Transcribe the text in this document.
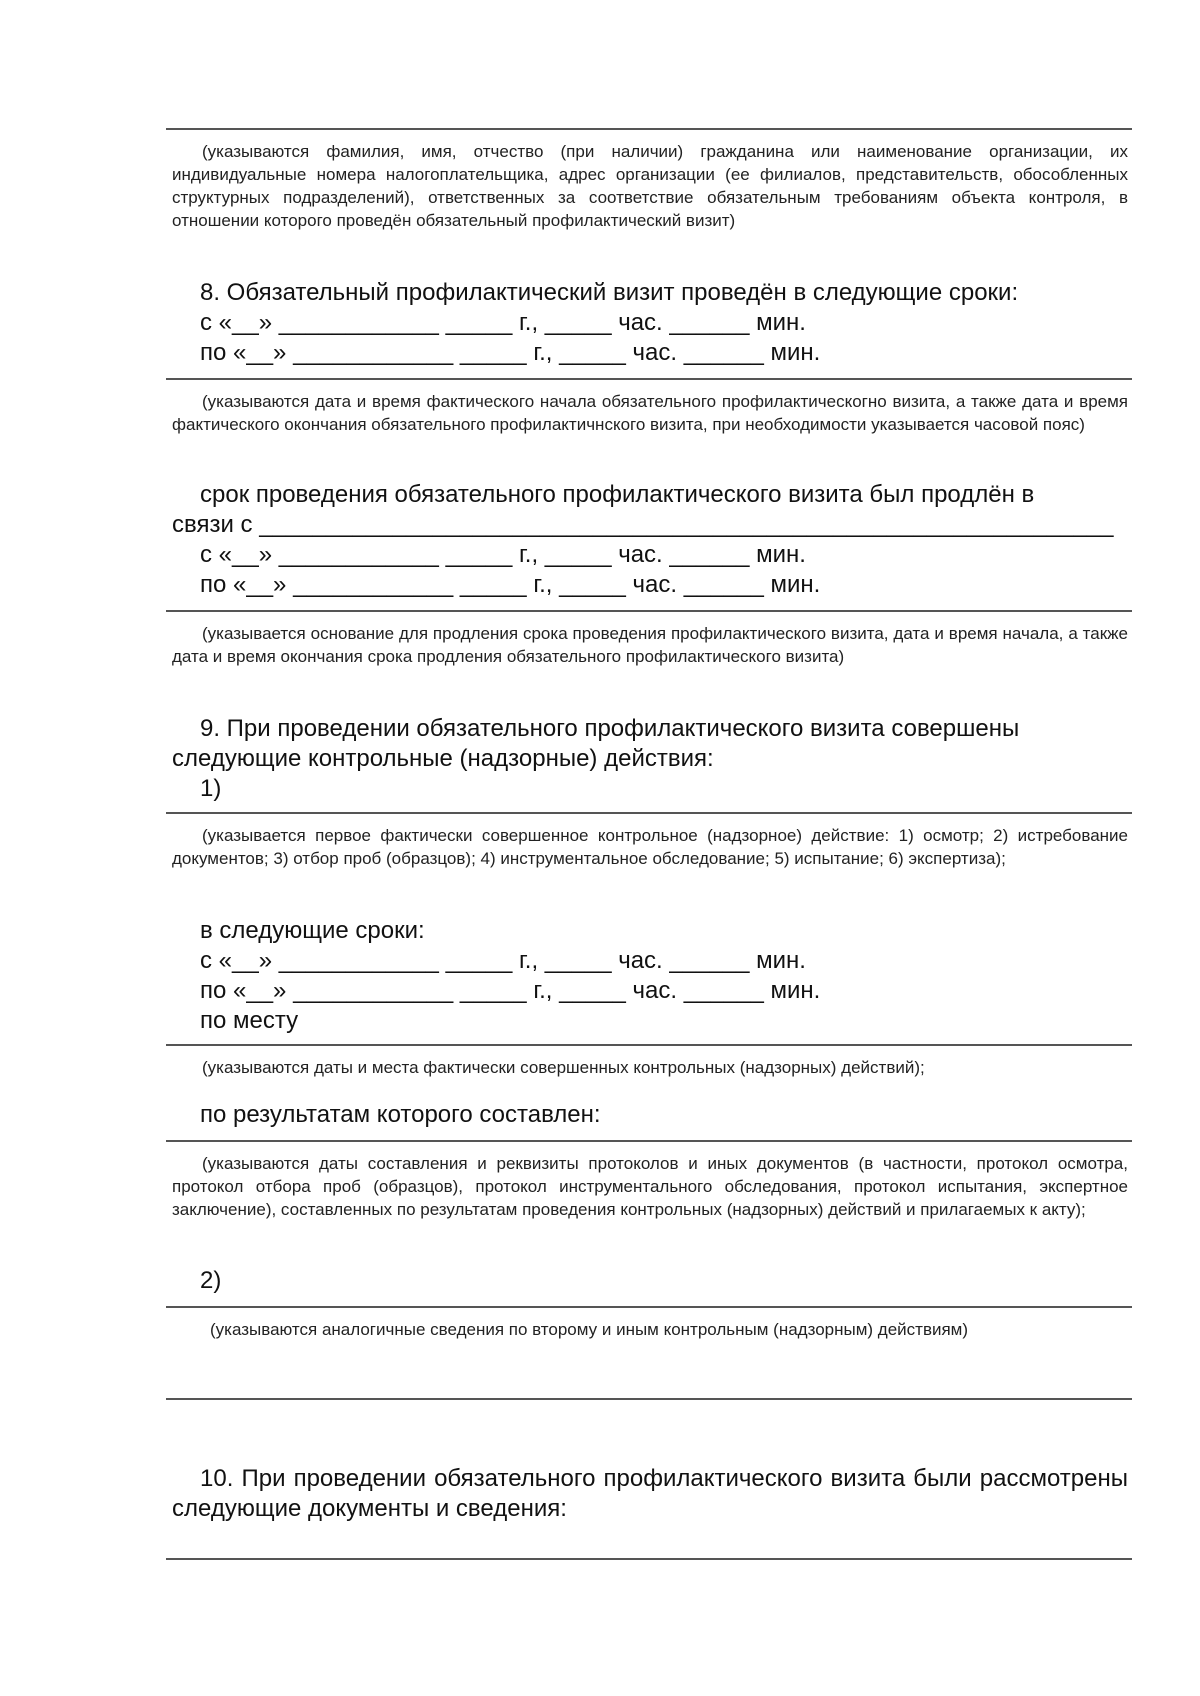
(указываются фамилия, имя, отчество (при наличии) гражданина или наименование организации, их индивидуальные номера налогоплательщика, адрес организации (ее филиалов, представительств, обособленных структурных подразделений), ответственных за соответствие обязательным требованиям объекта контроля, в отношении которого проведён обязательный профилактический визит)
8. Обязательный профилактический визит проведён в следующие сроки:
с «__» ____________ _____ г., _____ час. ______ мин.
по «__» ____________ _____ г., _____ час. ______ мин.
(указываются дата и время фактического начала обязательного профилактическогно визита, а также дата и время фактического окончания обязательного профилактичнского визита, при необходимости указывается часовой пояс)
срок проведения обязательного профилактического визита был продлён в
связи с ________________________________________________________________
с «__» ____________ _____ г., _____ час. ______ мин.
по «__» ____________ _____ г., _____ час. ______ мин.
(указывается основание для продления срока проведения профилактического визита, дата и время начала, а также дата и время окончания срока продления обязательного профилактического визита)
9. При проведении обязательного профилактического визита совершены
следующие контрольные (надзорные) действия:
1)
(указывается первое фактически совершенное контрольное (надзорное) действие: 1) осмотр; 2) истребование документов; 3) отбор проб (образцов); 4) инструментальное обследование; 5) испытание; 6) экспертиза);
в следующие сроки:
с «__» ____________ _____ г., _____ час. ______ мин.
по «__» ____________ _____ г., _____ час. ______ мин.
по месту
(указываются даты и места фактически совершенных контрольных (надзорных) действий);
по результатам которого составлен:
(указываются даты составления и реквизиты протоколов и иных документов (в частности, протокол осмотра, протокол отбора проб (образцов), протокол инструментального обследования, протокол испытания, экспертное заключение), составленных по результатам проведения контрольных (надзорных) действий и прилагаемых к акту);
2)
(указываются аналогичные сведения по второму и иным контрольным (надзорным) действиям)
10. При проведении обязательного профилактического визита были рассмотрены следующие документы и сведения:
